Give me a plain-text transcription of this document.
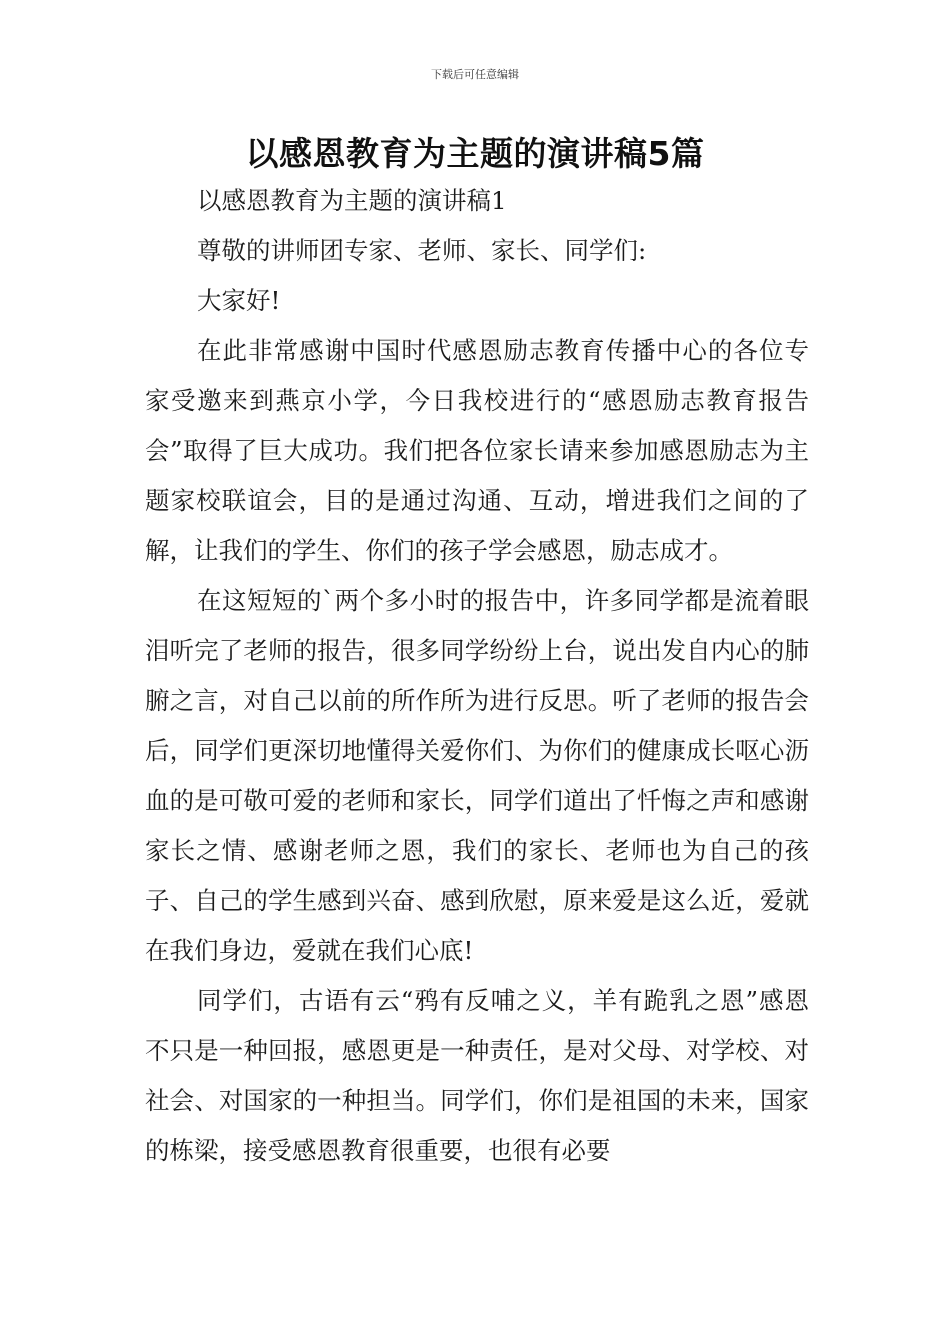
下载后可任意编辑
以感恩教育为主题的演讲稿5篇

以感恩教育为主题的演讲稿1

尊敬的讲师团专家、老师、家长、同学们:

大家好!

在此非常感谢中国时代感恩励志教育传播中心的各位专家受邀来到燕京小学，今日我校进行的“感恩励志教育报告会”取得了巨大成功。我们把各位家长请来参加感恩励志为主题家校联谊会，目的是通过沟通、互动，增进我们之间的了解，让我们的学生、你们的孩子学会感恩，励志成才。

在这短短的`两个多小时的报告中，许多同学都是流着眼泪听完了老师的报告，很多同学纷纷上台，说出发自内心的肺腑之言，对自己以前的所作所为进行反思。听了老师的报告会后，同学们更深切地懂得关爱你们、为你们的健康成长呕心沥血的是可敬可爱的老师和家长，同学们道出了忏悔之声和感谢家长之情、感谢老师之恩，我们的家长、老师也为自己的孩子、自己的学生感到兴奋、感到欣慰，原来爱是这么近，爱就在我们身边，爱就在我们心底!

同学们，古语有云“鸦有反哺之义，羊有跪乳之恩”感恩不只是一种回报，感恩更是一种责任，是对父母、对学校、对社会、对国家的一种担当。同学们，你们是祖国的未来，国家的栋梁，接受感恩教育很重要，也很有必要
